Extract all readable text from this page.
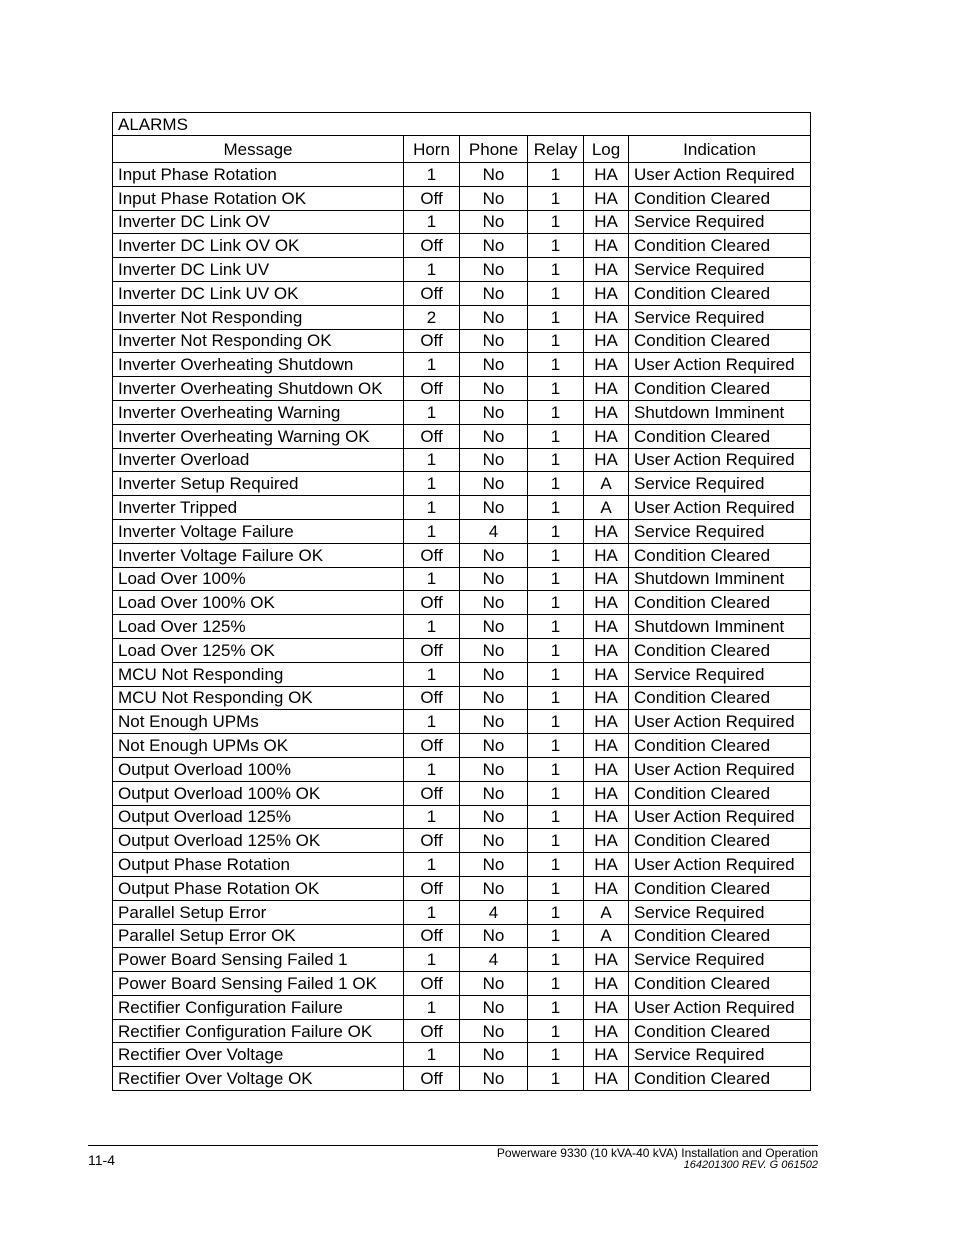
ALARMS					
Message	Horn	Phone	Relay	Log	Indication
Input Phase Rotation	1	No	1	HA	User Action Required
Input Phase Rotation OK	Off	No	1	HA	Condition Cleared
Inverter DC Link OV	1	No	1	HA	Service Required
Inverter DC Link OV OK	Off	No	1	HA	Condition Cleared
Inverter DC Link UV	1	No	1	HA	Service Required
Inverter DC Link UV OK	Off	No	1	HA	Condition Cleared
Inverter Not Responding	2	No	1	HA	Service Required
Inverter Not Responding OK	Off	No	1	HA	Condition Cleared
Inverter Overheating Shutdown	1	No	1	HA	User Action Required
Inverter Overheating Shutdown OK	Off	No	1	HA	Condition Cleared
Inverter Overheating Warning	1	No	1	HA	Shutdown Imminent
Inverter Overheating Warning OK	Off	No	1	HA	Condition Cleared
Inverter Overload	1	No	1	HA	User Action Required
Inverter Setup Required	1	No	1	A	Service Required
Inverter Tripped	1	No	1	A	User Action Required
Inverter Voltage Failure	1	4	1	HA	Service Required
Inverter Voltage Failure OK	Off	No	1	HA	Condition Cleared
Load Over 100%	1	No	1	HA	Shutdown Imminent
Load Over 100% OK	Off	No	1	HA	Condition Cleared
Load Over 125%	1	No	1	HA	Shutdown Imminent
Load Over 125% OK	Off	No	1	HA	Condition Cleared
MCU Not Responding	1	No	1	HA	Service Required
MCU Not Responding OK	Off	No	1	HA	Condition Cleared
Not Enough UPMs	1	No	1	HA	User Action Required
Not Enough UPMs OK	Off	No	1	HA	Condition Cleared
Output Overload 100%	1	No	1	HA	User Action Required
Output Overload 100% OK	Off	No	1	HA	Condition Cleared
Output Overload 125%	1	No	1	HA	User Action Required
Output Overload 125% OK	Off	No	1	HA	Condition Cleared
Output Phase Rotation	1	No	1	HA	User Action Required
Output Phase Rotation OK	Off	No	1	HA	Condition Cleared
Parallel Setup Error	1	4	1	A	Service Required
Parallel Setup Error OK	Off	No	1	A	Condition Cleared
Power Board Sensing Failed 1	1	4	1	HA	Service Required
Power Board Sensing Failed 1 OK	Off	No	1	HA	Condition Cleared
Rectifier Configuration Failure	1	No	1	HA	User Action Required
Rectifier Configuration Failure OK	Off	No	1	HA	Condition Cleared
Rectifier Over Voltage	1	No	1	HA	Service Required
Rectifier Over Voltage OK	Off	No	1	HA	Condition Cleared
11-4	Powerware 9330 (10 kVA-40 kVA) Installation and Operation
164201300 REV. G 061502
